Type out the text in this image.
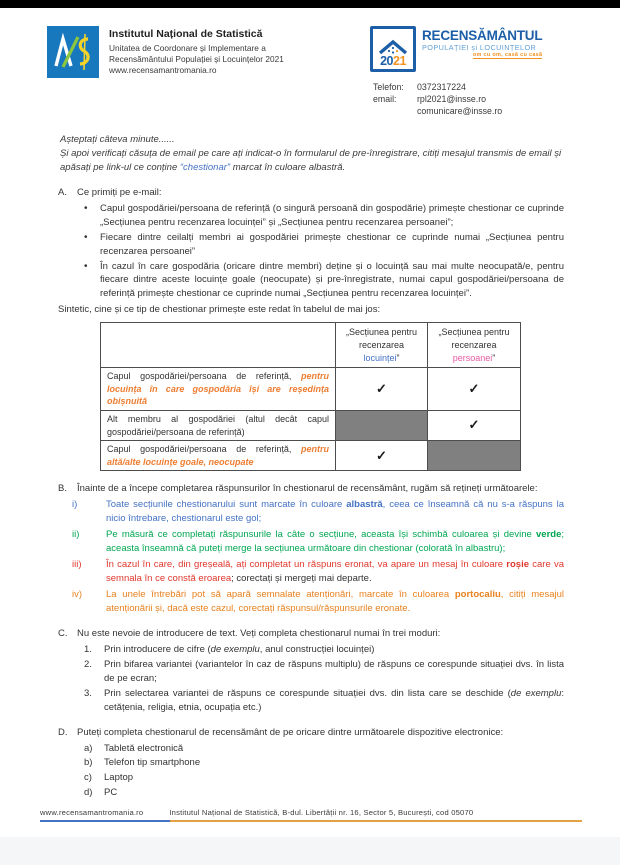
Institutul Național de Statistică
Unitatea de Coordonare și Implementare a
Recensământului Populației și Locuințelor 2021
www.recensamantromania.ro
2021
RECENSĂMÂNTUL
POPULAȚIEI și LOCUINȚELOR
om cu om, casă cu casă
Telefon:	0372317224
email:	rpl2021@insse.ro
comunicare@insse.ro
Așteptați câteva minute......
Și apoi verificați căsuța de email pe care ați indicat-o în formularul de pre-înregistrare, citiți mesajul transmis de email și apăsați pe link-ul ce conține “chestionar” marcat în culoare albastră.
A.	Ce primiți pe e-mail:
• Capul gospodăriei/persoana de referință (o singură persoană din gospodărie) primește chestionar ce cuprinde „Secțiunea pentru recenzarea locuinței” și „Secțiunea pentru recenzarea persoanei”;
• Fiecare dintre ceilalți membri ai gospodăriei primește chestionar ce cuprinde numai „Secțiunea pentru recenzarea persoanei”
• În cazul în care gospodăria (oricare dintre membri) deține și o locuință sau mai multe neocupată/e, pentru fiecare dintre aceste locuințe goale (neocupate) și pre-înregistrate, numai capul gospodăriei/persoana de referință primește chestionar ce cuprinde numai „Secțiunea pentru recenzarea locuinței”.
Sintetic, cine și ce tip de chestionar primește este redat în tabelul de mai jos:
	„Secțiunea pentru recenzarea locuinței”	„Secțiunea pentru recenzarea persoanei”
Capul gospodăriei/persoana de referință, pentru locuința în care gospodăria își are reședința obișnuită	✓	✓
Alt membru al gospodăriei (altul decât capul gospodăriei/persoana de referință)		✓
Capul gospodăriei/persoana de referință, pentru altă/alte locuințe goale, neocupate	✓	
B.	Înainte de a începe completarea răspunsurilor în chestionarul de recensământ, rugăm să rețineți următoarele:
i)	Toate secțiunile chestionarului sunt marcate în culoare albastră, ceea ce înseamnă că nu s-a răspuns la nicio întrebare, chestionarul este gol;
ii)	Pe măsură ce completați răspunsurile la câte o secțiune, aceasta își schimbă culoarea și devine verde; aceasta înseamnă că puteți merge la secțiunea următoare din chestionar (colorată în albastru);
iii)	În cazul în care, din greșeală, ați completat un răspuns eronat, va apare un mesaj în culoare roșie care va semnala în ce constă eroarea; corectați și mergeți mai departe.
iv)	La unele întrebări pot să apară semnalate atenționări, marcate în culoarea portocaliu, citiți mesajul atenționării și, dacă este cazul, corectați răspunsul/răspunsurile eronate.
C. Nu este nevoie de introducere de text. Veți completa chestionarul numai în trei moduri:
1.	Prin introducere de cifre (de exemplu, anul construcției locuinței)
2.	Prin bifarea variantei (variantelor în caz de răspuns multiplu) de răspuns ce corespunde situației dvs. în lista de pe ecran;
3.	Prin selectarea variantei de răspuns ce corespunde situației dvs. din lista care se deschide (de exemplu: cetățenia, religia, etnia, ocupația etc.)
D. Puteți completa chestionarul de recensământ de pe oricare dintre următoarele dispozitive electronice:
a)	Tabletă electronică
b)	Telefon tip smartphone
c)	Laptop
d)	PC
www.recensamantromania.ro	Institutul Național de Statistică, B-dul. Libertății nr. 16, Sector 5, București, cod 05070
